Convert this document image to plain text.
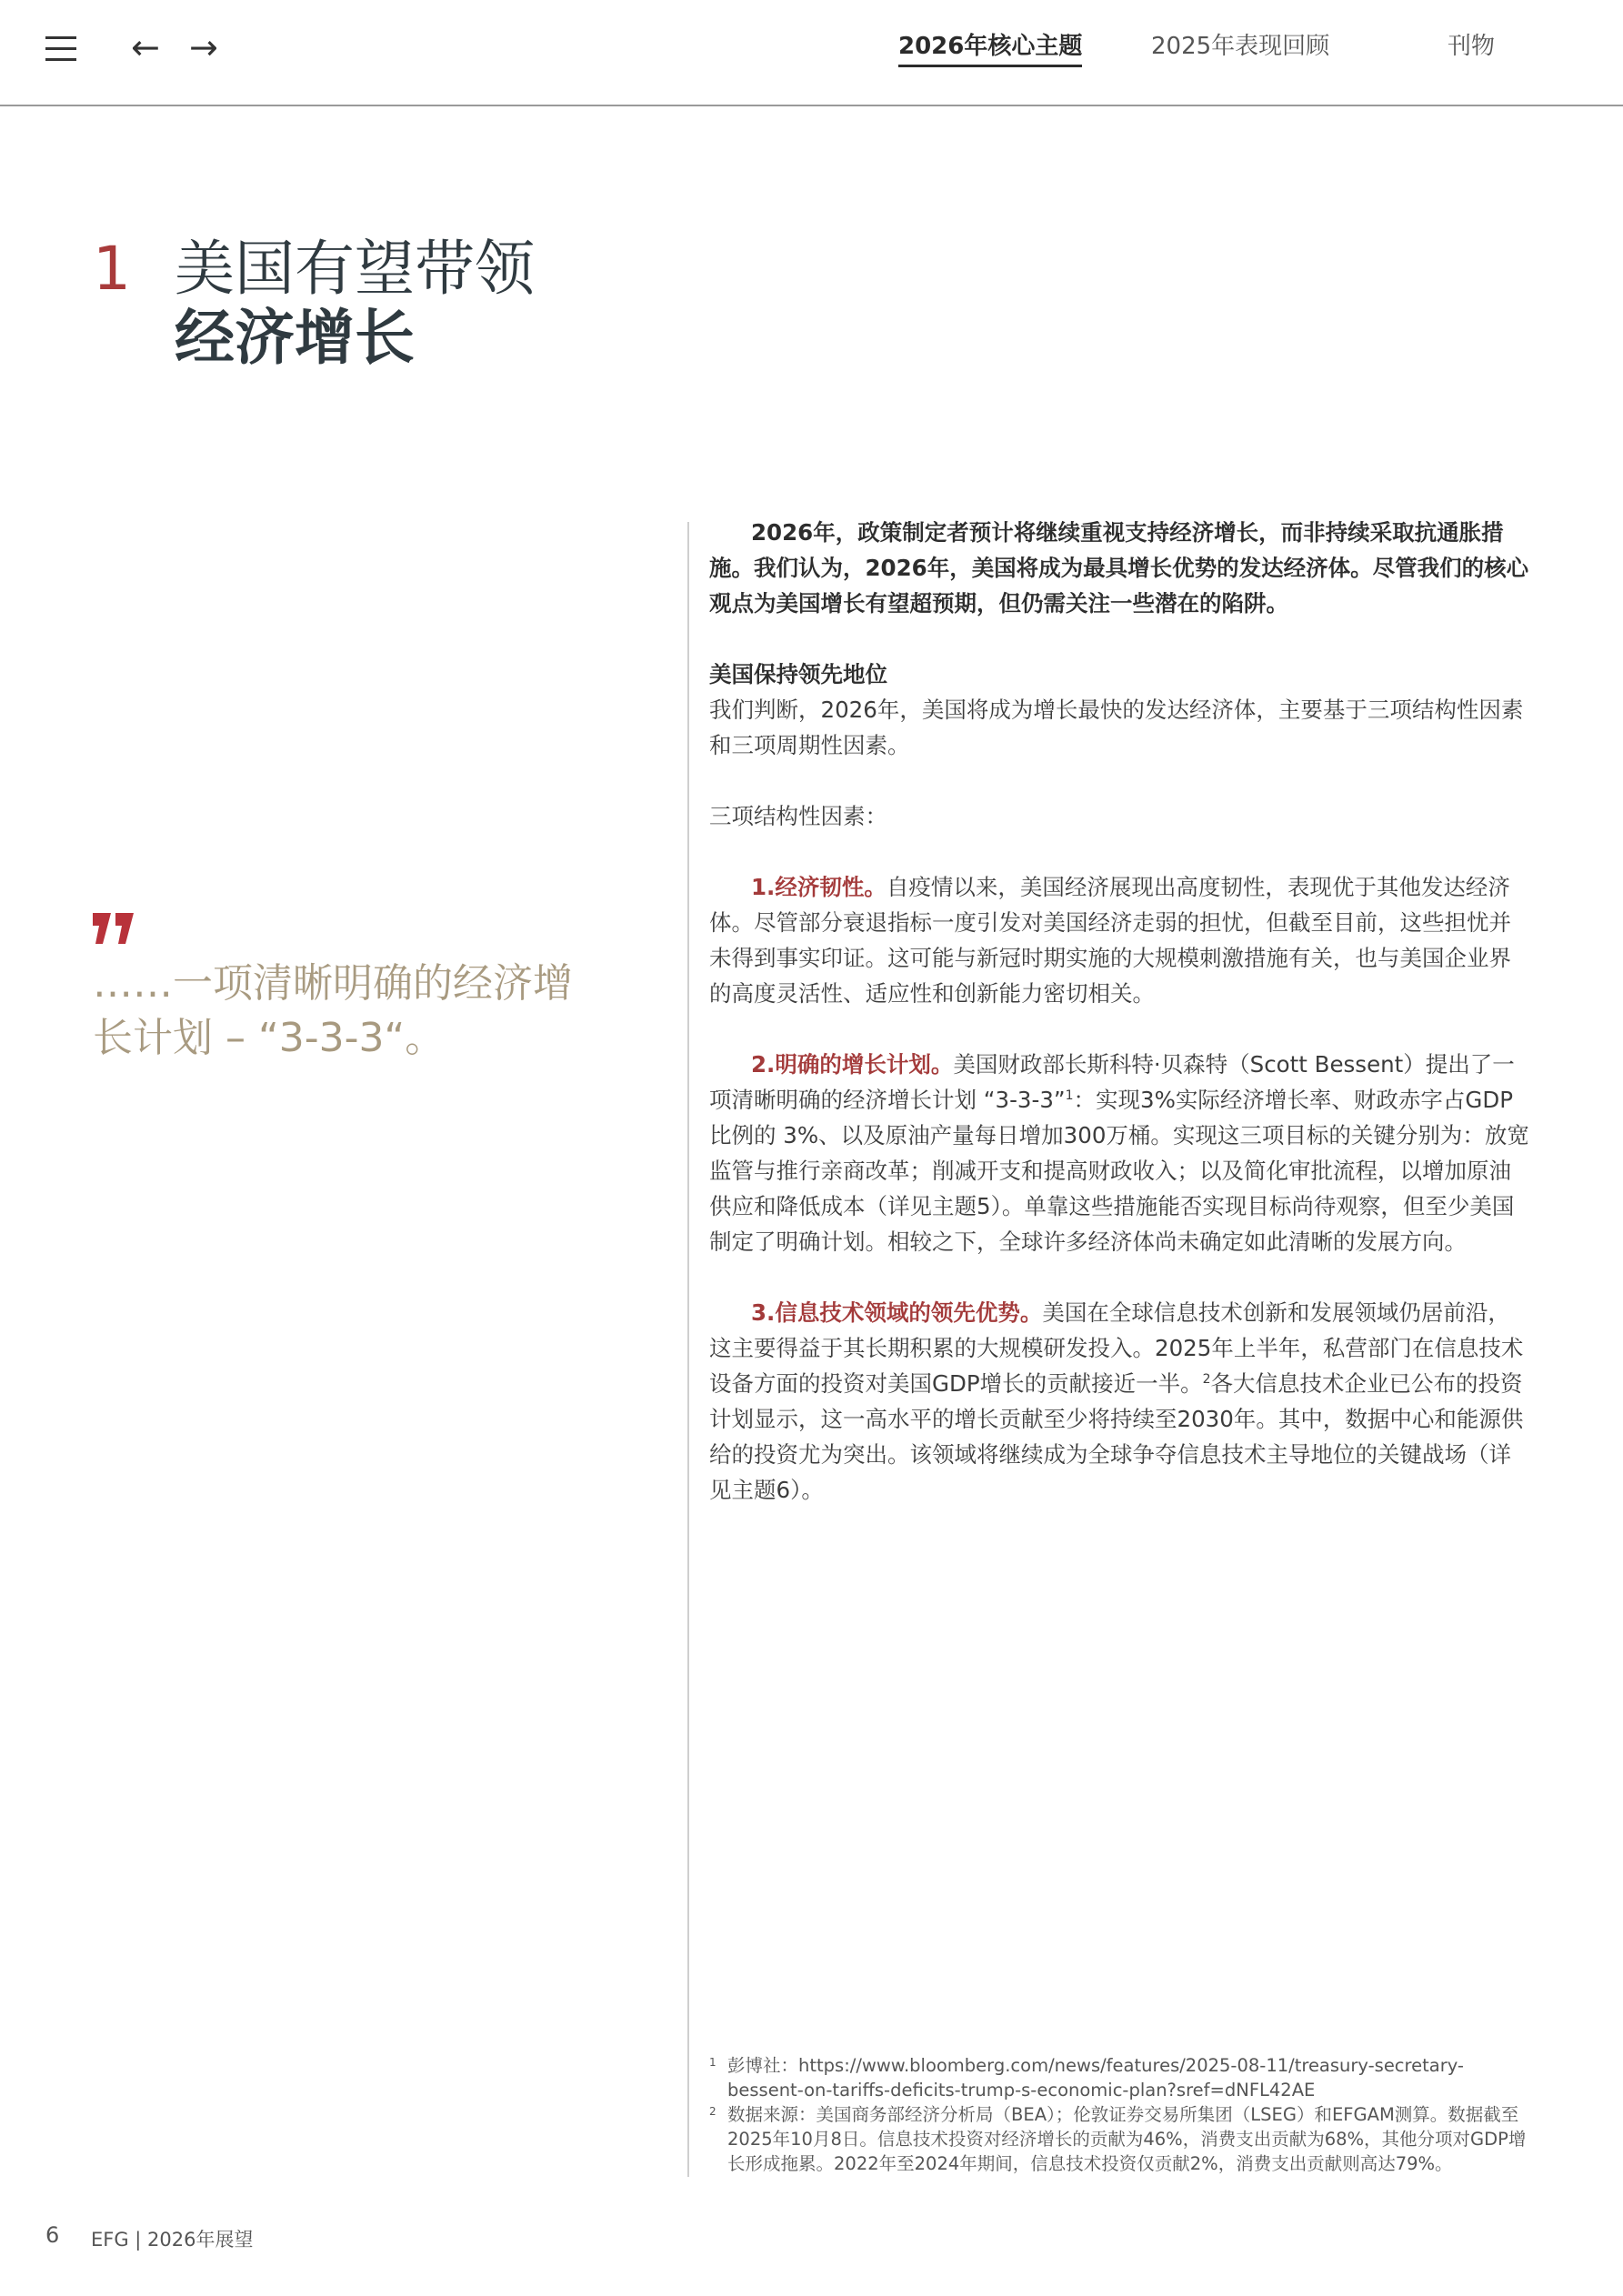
← →	2026年核心主题	2025年表现回顾	刊物
1 美国有望带领
经济增长
……一项清晰明确的经济增长计划 – “3-3-3“。

2026年，政策制定者预计将继续重视支持经济增长，而非持续采取抗通胀措施。我们认为，2026年，美国将成为最具增长优势的发达经济体。尽管我们的核心观点为美国增长有望超预期，但仍需关注一些潜在的陷阱。

美国保持领先地位
我们判断，2026年，美国将成为增长最快的发达经济体，主要基于三项结构性因素和三项周期性因素。

三项结构性因素：

1.经济韧性。自疫情以来，美国经济展现出高度韧性，表现优于其他发达经济体。尽管部分衰退指标一度引发对美国经济走弱的担忧，但截至目前，这些担忧并未得到事实印证。这可能与新冠时期实施的大规模刺激措施有关，也与美国企业界的高度灵活性、适应性和创新能力密切相关。

2.明确的增长计划。美国财政部长斯科特·贝森特（Scott Bessent）提出了一项清晰明确的经济增长计划 “3-3-3”$^1$：实现3%实际经济增长率、财政赤字占GDP比例的 3%、以及原油产量每日增加300万桶。实现这三项目标的关键分别为：放宽监管与推行亲商改革；削减开支和提高财政收入；以及简化审批流程，以增加原油供应和降低成本（详见主题5）。单靠这些措施能否实现目标尚待观察，但至少美国制定了明确计划。相较之下，全球许多经济体尚未确定如此清晰的发展方向。

3.信息技术领域的领先优势。美国在全球信息技术创新和发展领域仍居前沿，这主要得益于其长期积累的大规模研发投入。2025年上半年，私营部门在信息技术设备方面的投资对美国GDP增长的贡献接近一半。$^2$各大信息技术企业已公布的投资计划显示，这一高水平的增长贡献至少将持续至2030年。其中，数据中心和能源供给的投资尤为突出。该领域将继续成为全球争夺信息技术主导地位的关键战场（详见主题6）。

1 彭博社：https://www.bloomberg.com/news/features/2025-08-11/treasury-secretary-bessent-on-tariffs-deficits-trump-s-economic-plan?sref=dNFL42AE
2 数据来源：美国商务部经济分析局（BEA）；伦敦证券交易所集团（LSEG）和EFGAM测算。数据截至2025年10月8日。信息技术投资对经济增长的贡献为46%，消费支出贡献为68%，其他分项对GDP增长形成拖累。2022年至2024年期间，信息技术投资仅贡献2%，消费支出贡献则高达79%。
6 EFG | 2026年展望
